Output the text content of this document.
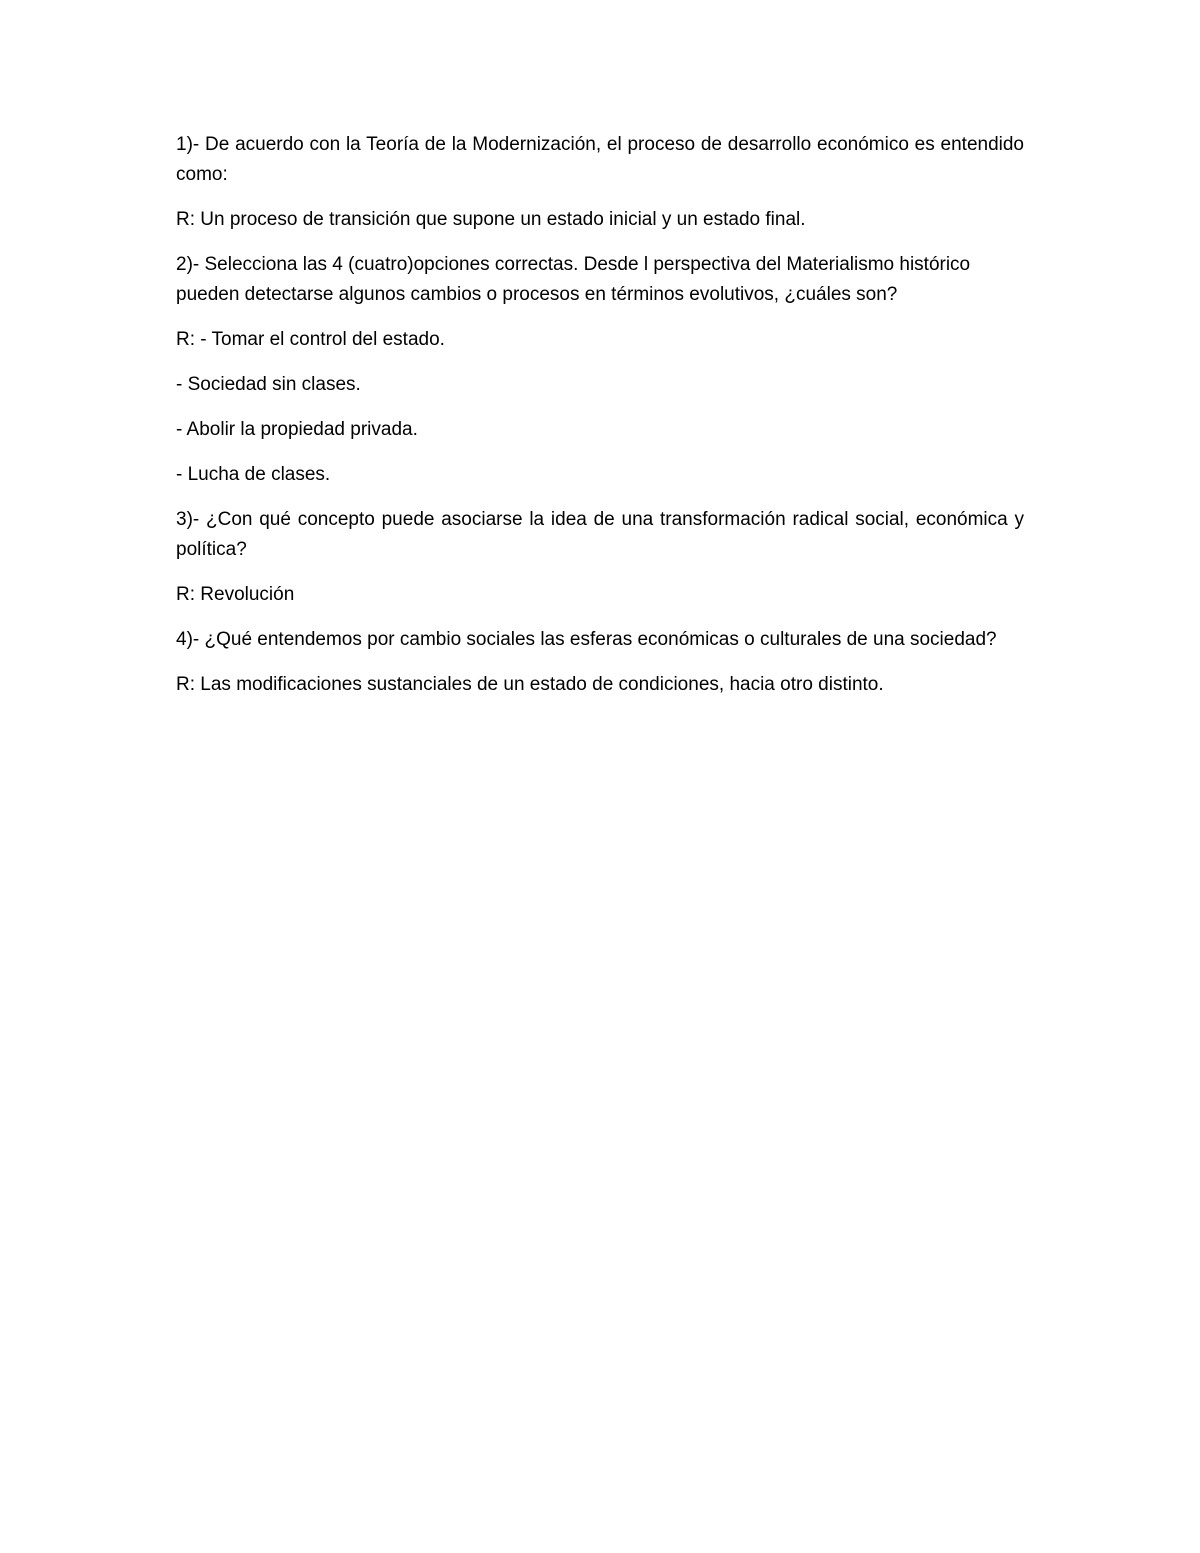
1)- De acuerdo con la Teoría de la Modernización, el proceso de desarrollo económico es entendido como:

R: Un proceso de transición que supone un estado inicial y un estado final.

2)- Selecciona las 4 (cuatro)opciones correctas. Desde l perspectiva del Materialismo histórico pueden detectarse algunos cambios o procesos en términos evolutivos, ¿cuáles son?

R: - Tomar el control del estado.

- Sociedad sin clases.

- Abolir la propiedad privada.

- Lucha de clases.

3)- ¿Con qué concepto puede asociarse la idea de una transformación radical social, económica y política?

R: Revolución

4)- ¿Qué entendemos por cambio sociales las esferas económicas o culturales de una sociedad?

R: Las modificaciones sustanciales de un estado de condiciones, hacia otro distinto.
